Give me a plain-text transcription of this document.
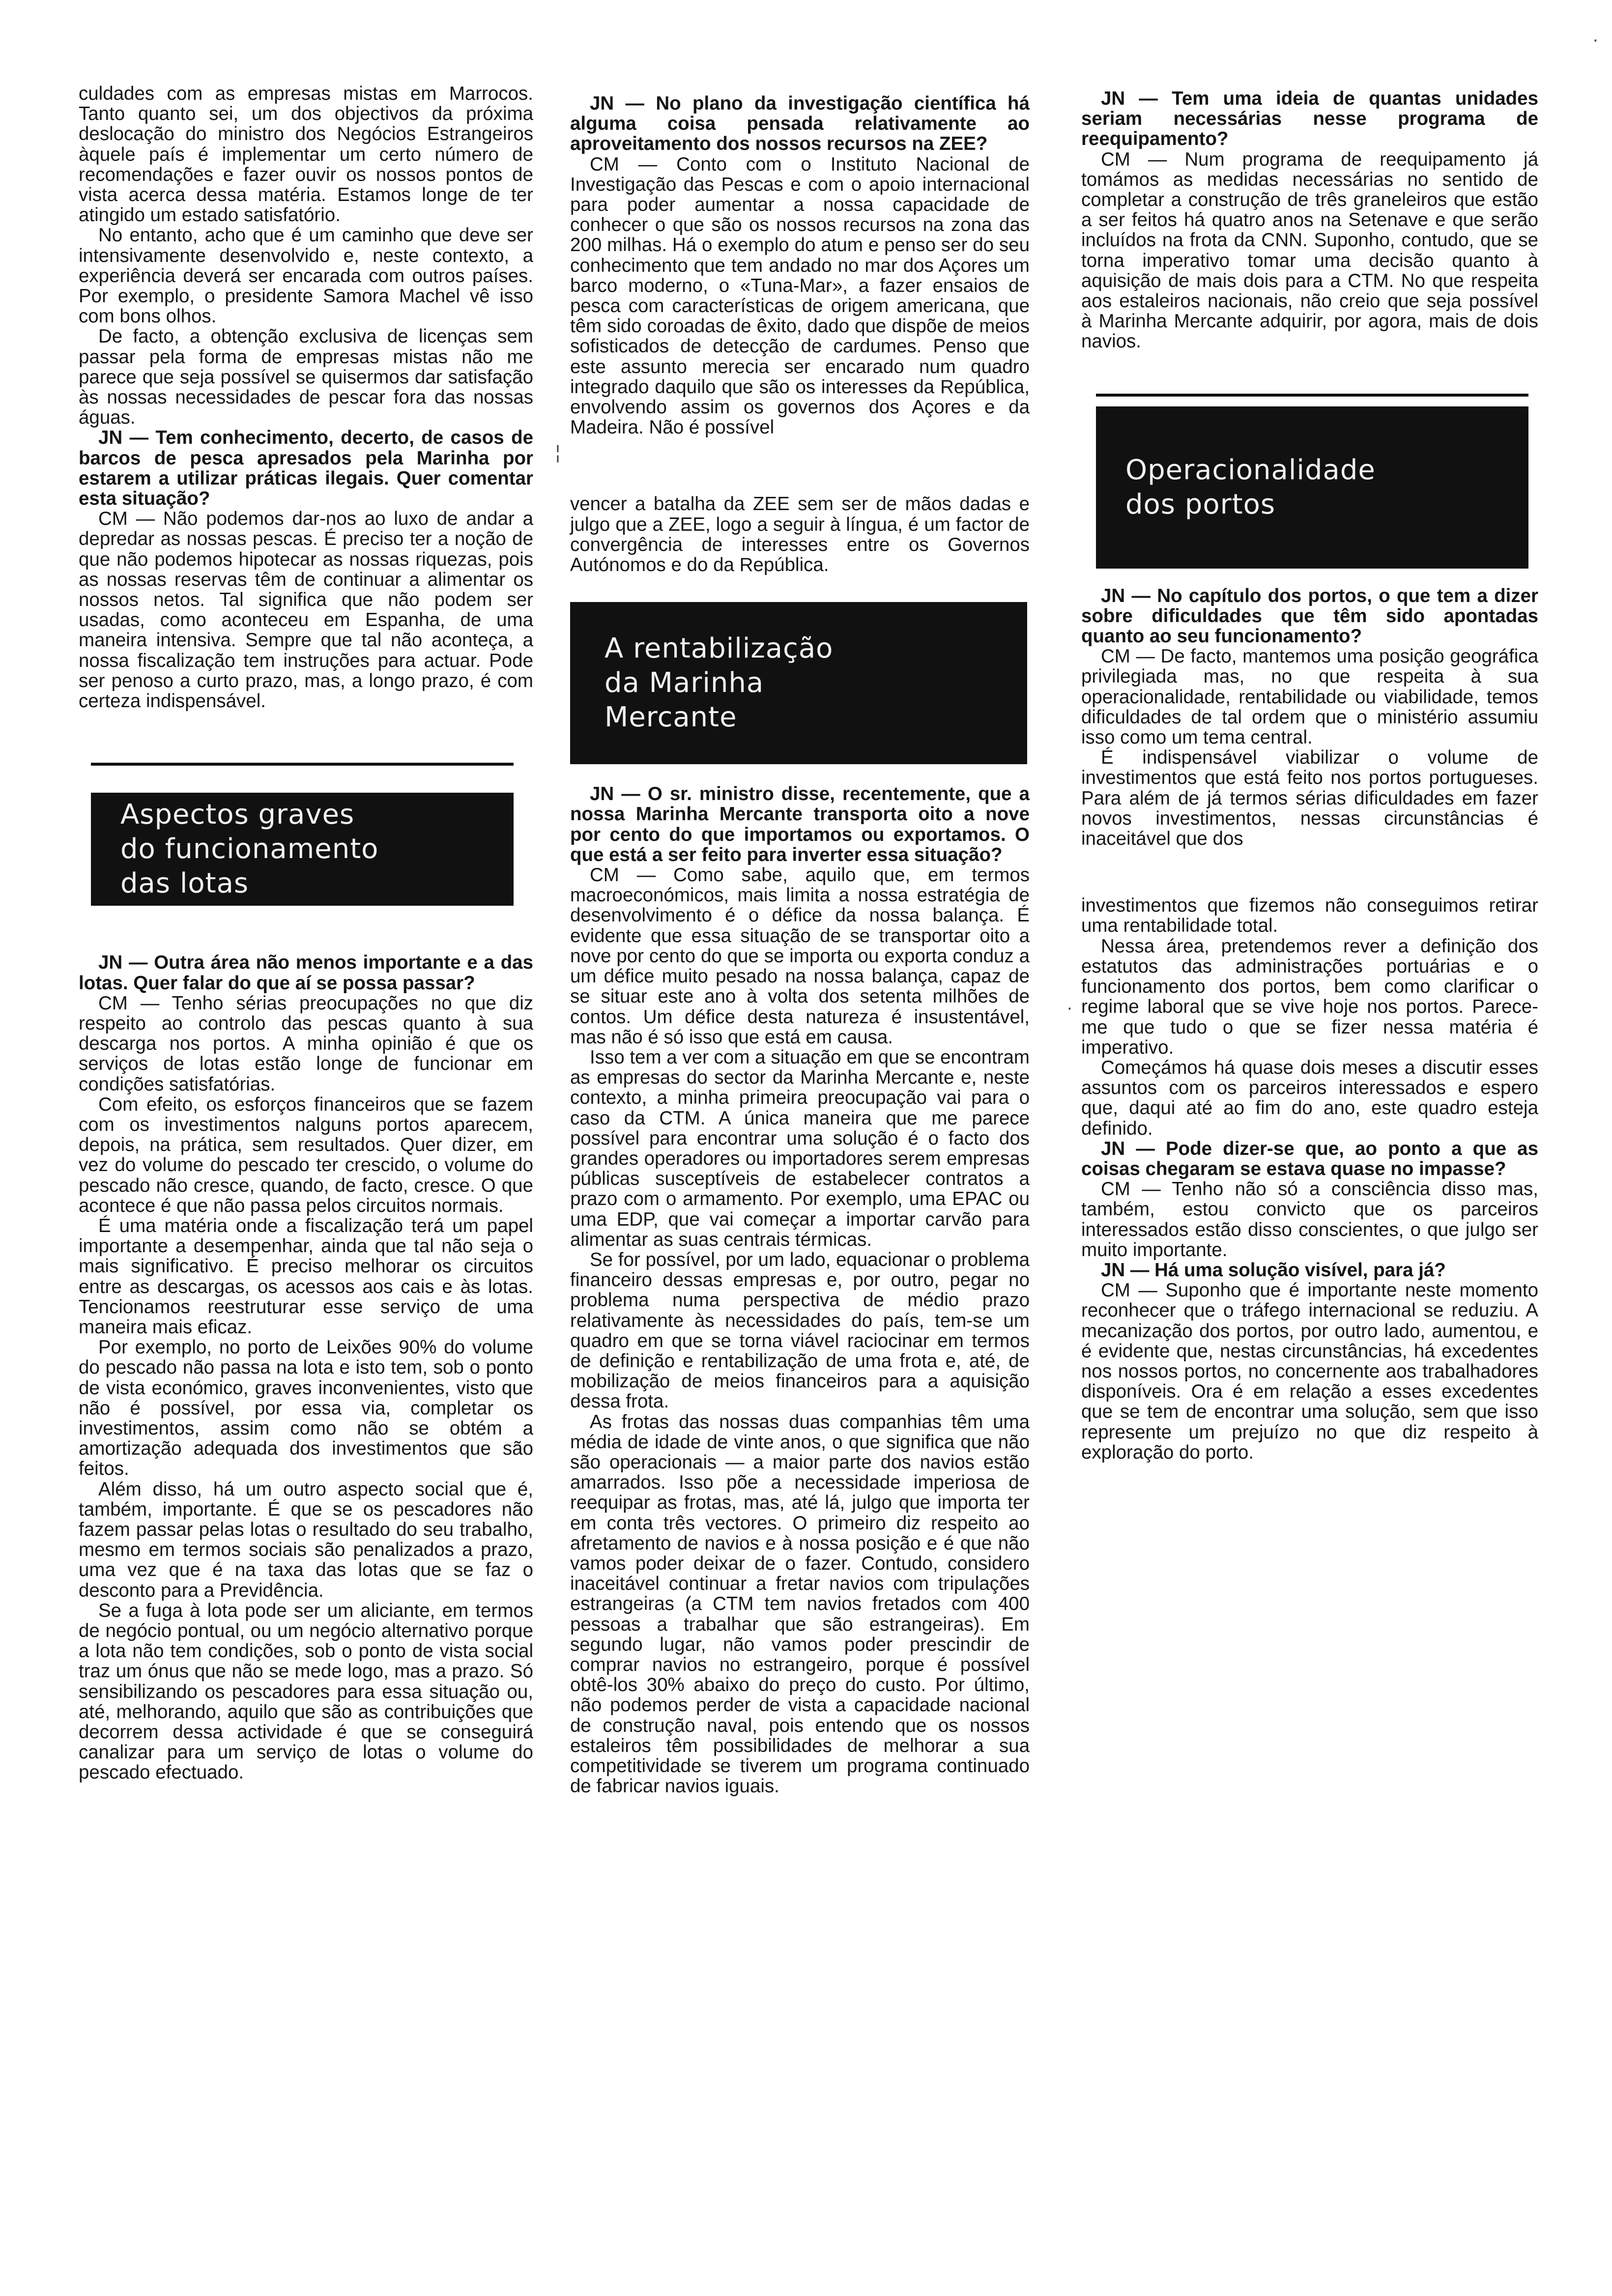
·
¦
·

culdades com as empresas mistas em Marrocos. Tanto quanto sei, um dos objectivos da próxima deslocação do ministro dos Negócios Estrangeiros àquele país é implementar um certo número de recomendações e fazer ouvir os nossos pontos de vista acerca dessa matéria. Estamos longe de ter atingido um estado satisfatório.

No entanto, acho que é um caminho que deve ser intensivamente desenvolvido e, neste contexto, a experiência deverá ser encarada com outros países. Por exemplo, o presidente Samora Machel vê isso com bons olhos.

De facto, a obtenção exclusiva de licenças sem passar pela forma de empresas mistas não me parece que seja possível se quisermos dar satisfação às nossas necessidades de pescar fora das nossas águas.

JN — Tem conhecimento, decerto, de casos de barcos de pesca apresados pela Marinha por estarem a utilizar práticas ilegais. Quer comentar esta situação?

CM — Não podemos dar-nos ao luxo de andar a depredar as nossas pescas. É preciso ter a noção de que não podemos hipotecar as nossas riquezas, pois as nossas reservas têm de continuar a alimentar os nossos netos. Tal significa que não podem ser usadas, como aconteceu em Espanha, de uma maneira intensiva. Sempre que tal não aconteça, a nossa fiscalização tem instruções para actuar. Pode ser penoso a curto prazo, mas, a longo prazo, é com certeza indispensável.

Aspectos graves
do funcionamento
das lotas

JN — Outra área não menos importante e a das lotas. Quer falar do que aí se possa passar?

CM — Tenho sérias preocupações no que diz respeito ao controlo das pescas quanto à sua descarga nos portos. A minha opinião é que os serviços de lotas estão longe de funcionar em condições satisfatórias.

Com efeito, os esforços financeiros que se fazem com os investimentos nalguns portos aparecem, depois, na prática, sem resultados. Quer dizer, em vez do volume do pescado ter crescido, o volume do pescado não cresce, quando, de facto, cresce. O que acontece é que não passa pelos circuitos normais.

É uma matéria onde a fiscalização terá um papel importante a desempenhar, ainda que tal não seja o mais significativo. É preciso melhorar os circuitos entre as descargas, os acessos aos cais e às lotas. Tencionamos reestruturar esse serviço de uma maneira mais eficaz.

Por exemplo, no porto de Leixões 90% do volume do pescado não passa na lota e isto tem, sob o ponto de vista económico, graves inconvenientes, visto que não é possível, por essa via, completar os investimentos, assim como não se obtém a amortização adequada dos investimentos que são feitos.

Além disso, há um outro aspecto social que é, também, importante. É que se os pescadores não fazem passar pelas lotas o resultado do seu trabalho, mesmo em termos sociais são penalizados a prazo, uma vez que é na taxa das lotas que se faz o desconto para a Previdência.

Se a fuga à lota pode ser um aliciante, em termos de negócio pontual, ou um negócio alternativo porque a lota não tem condições, sob o ponto de vista social traz um ónus que não se mede logo, mas a prazo. Só sensibilizando os pescadores para essa situação ou, até, melhorando, aquilo que são as contribuições que decorrem dessa actividade é que se conseguirá canalizar para um serviço de lotas o volume do pescado efectuado.

JN — No plano da investigação científica há alguma coisa pensada relativamente ao aproveitamento dos nossos recursos na ZEE?

CM — Conto com o Instituto Nacional de Investigação das Pescas e com o apoio internacional para poder aumentar a nossa capacidade de conhecer o que são os nossos recursos na zona das 200 milhas. Há o exemplo do atum e penso ser do seu conhecimento que tem andado no mar dos Açores um barco moderno, o «Tuna-Mar», a fazer ensaios de pesca com características de origem americana, que têm sido coroadas de êxito, dado que dispõe de meios sofisticados de detecção de cardumes. Penso que este assunto merecia ser encarado num quadro integrado daquilo que são os interesses da República, envolvendo assim os governos dos Açores e da Madeira. Não é possível

vencer a batalha da ZEE sem ser de mãos dadas e julgo que a ZEE, logo a seguir à língua, é um factor de convergência de interesses entre os Governos Autónomos e do da República.

A rentabilização
da Marinha
Mercante

JN — O sr. ministro disse, recentemente, que a nossa Marinha Mercante transporta oito a nove por cento do que importamos ou exportamos. O que está a ser feito para inverter essa situação?

CM — Como sabe, aquilo que, em termos macroeconómicos, mais limita a nossa estratégia de desenvolvimento é o défice da nossa balança. É evidente que essa situação de se transportar oito a nove por cento do que se importa ou exporta conduz a um défice muito pesado na nossa balança, capaz de se situar este ano à volta dos setenta milhões de contos. Um défice desta natureza é insustentável, mas não é só isso que está em causa.

Isso tem a ver com a situação em que se encontram as empresas do sector da Marinha Mercante e, neste contexto, a minha primeira preocupação vai para o caso da CTM. A única maneira que me parece possível para encontrar uma solução é o facto dos grandes operadores ou importadores serem empresas públicas susceptíveis de estabelecer contratos a prazo com o armamento. Por exemplo, uma EPAC ou uma EDP, que vai começar a importar carvão para alimentar as suas centrais térmicas.

Se for possível, por um lado, equacionar o problema financeiro dessas empresas e, por outro, pegar no problema numa perspectiva de médio prazo relativamente às necessidades do país, tem-se um quadro em que se torna viável raciocinar em termos de definição e rentabilização de uma frota e, até, de mobilização de meios financeiros para a aquisição dessa frota.

As frotas das nossas duas companhias têm uma média de idade de vinte anos, o que significa que não são operacionais — a maior parte dos navios estão amarrados. Isso põe a necessidade imperiosa de reequipar as frotas, mas, até lá, julgo que importa ter em conta três vectores. O primeiro diz respeito ao afretamento de navios e à nossa posição e é que não vamos poder deixar de o fazer. Contudo, considero inaceitável continuar a fretar navios com tripulações estrangeiras (a CTM tem navios fretados com 400 pessoas a trabalhar que são estrangeiras). Em segundo lugar, não vamos poder prescindir de comprar navios no estrangeiro, porque é possível obtê-los 30% abaixo do preço do custo. Por último, não podemos perder de vista a capacidade nacional de construção naval, pois entendo que os nossos estaleiros têm possibilidades de melhorar a sua competitividade se tiverem um programa continuado de fabricar navios iguais.

JN — Tem uma ideia de quantas unidades seriam necessárias nesse programa de reequipamento?

CM — Num programa de reequipamento já tomámos as medidas necessárias no sentido de completar a construção de três graneleiros que estão a ser feitos há quatro anos na Setenave e que serão incluídos na frota da CNN. Suponho, contudo, que se torna imperativo tomar uma decisão quanto à aquisição de mais dois para a CTM. No que respeita aos estaleiros nacionais, não creio que seja possível à Marinha Mercante adquirir, por agora, mais de dois navios.

Operacionalidade
dos portos

JN — No capítulo dos portos, o que tem a dizer sobre dificuldades que têm sido apontadas quanto ao seu funcionamento?

CM — De facto, mantemos uma posição geográfica privilegiada mas, no que respeita à sua operacionalidade, rentabilidade ou viabilidade, temos dificuldades de tal ordem que o ministério assumiu isso como um tema central.

É indispensável viabilizar o volume de investimentos que está feito nos portos portugueses. Para além de já termos sérias dificuldades em fazer novos investimentos, nessas circunstâncias é inaceitável que dos

investimentos que fizemos não conseguimos retirar uma rentabilidade total.

Nessa área, pretendemos rever a definição dos estatutos das administrações portuárias e o funcionamento dos portos, bem como clarificar o regime laboral que se vive hoje nos portos. Parece-me que tudo o que se fizer nessa matéria é imperativo.

Começámos há quase dois meses a discutir esses assuntos com os parceiros interessados e espero que, daqui até ao fim do ano, este quadro esteja definido.

JN — Pode dizer-se que, ao ponto a que as coisas chegaram se estava quase no impasse?

CM — Tenho não só a consciência disso mas, também, estou convicto que os parceiros interessados estão disso conscientes, o que julgo ser muito importante.

JN — Há uma solução visível, para já?

CM — Suponho que é importante neste momento reconhecer que o tráfego internacional se reduziu. A mecanização dos portos, por outro lado, aumentou, e é evidente que, nestas circunstâncias, há excedentes nos nossos portos, no concernente aos trabalhadores disponíveis. Ora é em relação a esses excedentes que se tem de encontrar uma solução, sem que isso represente um prejuízo no que diz respeito à exploração do porto.
